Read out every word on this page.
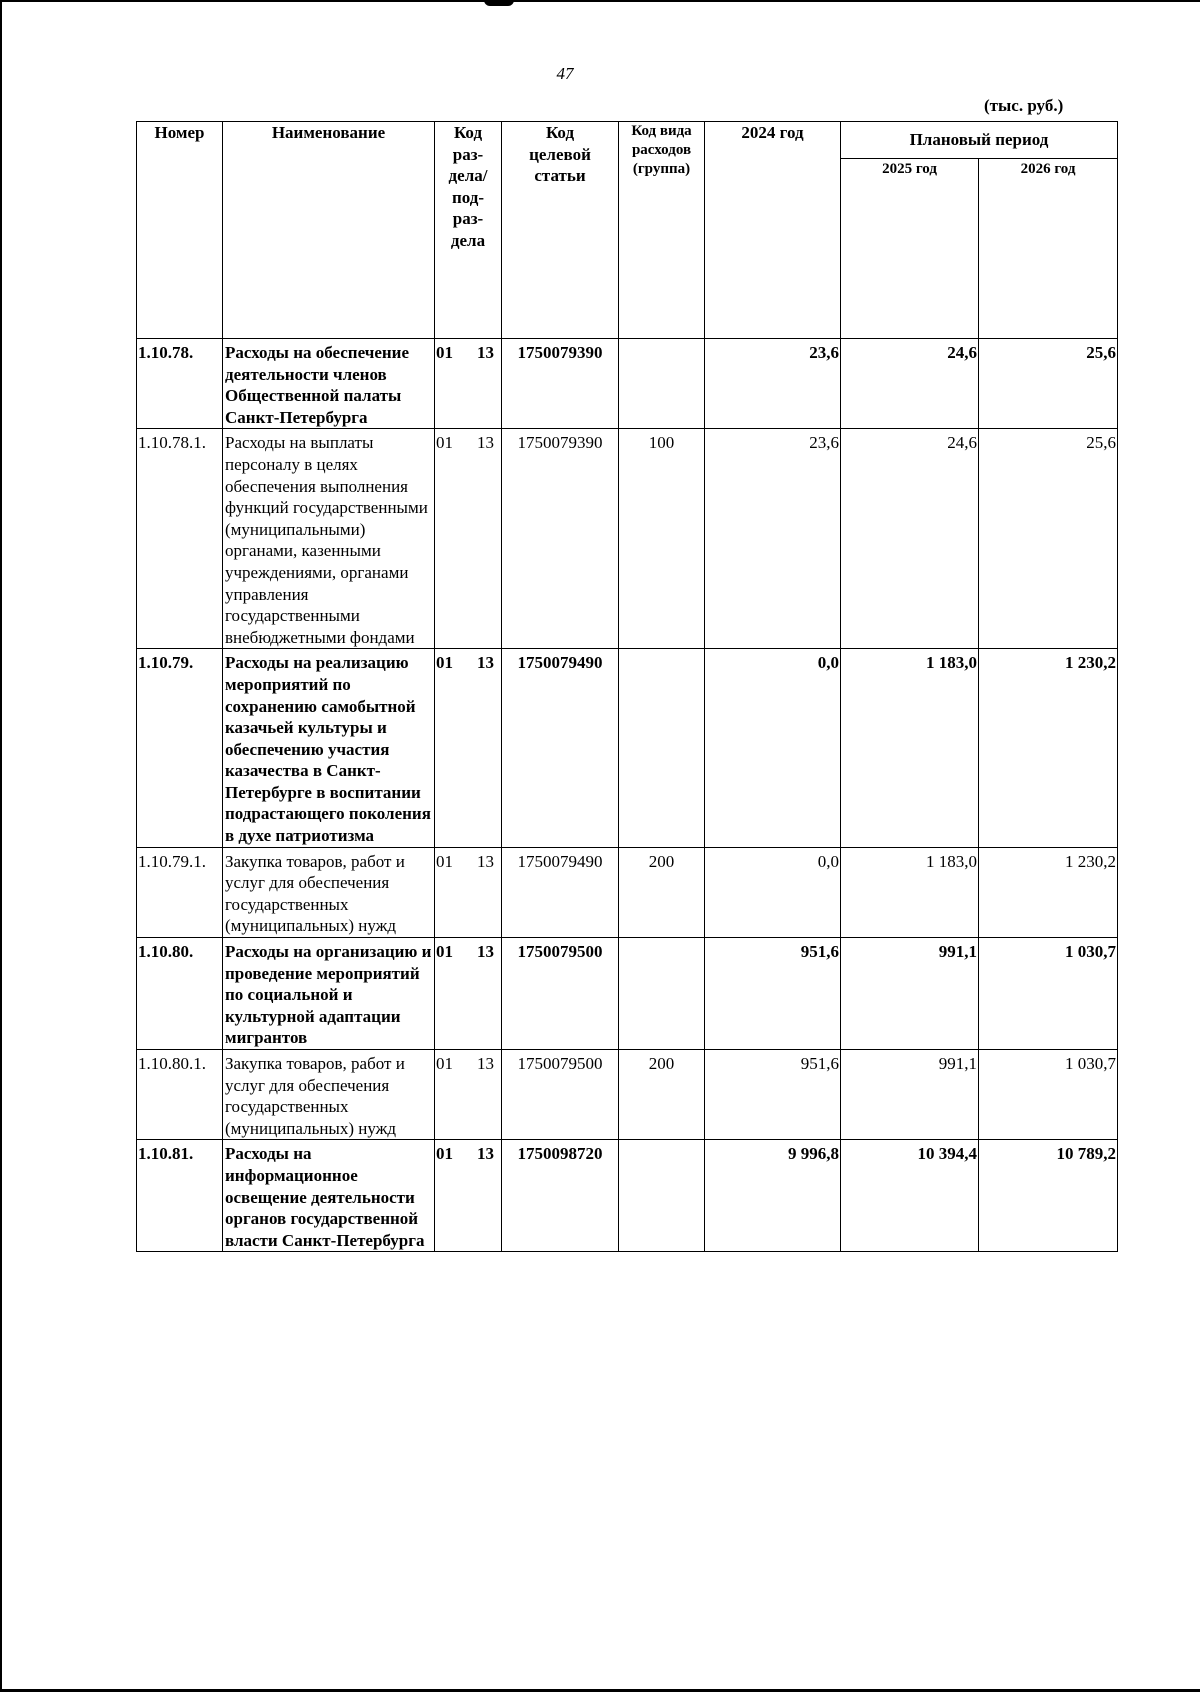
47
(тыс. руб.)
Номер	Наименование	Код раз-дела/ под-раз-дела	Код целевой статьи	Код вида расходов (группа)	2024 год	Плановый период	
						2025 год	2026 год
1.10.78.	Расходы на обеспечение деятельности членов Общественной палаты Санкт-Петербурга	01 13	1750079390		23,6	24,6	25,6
1.10.78.1.	Расходы на выплаты персоналу в целях обеспечения выполнения функций государственными (муниципальными) органами, казенными учреждениями, органами управления государственными внебюджетными фондами	01 13	1750079390	100	23,6	24,6	25,6
1.10.79.	Расходы на реализацию мероприятий по сохранению самобытной казачьей культуры и обеспечению участия казачества в Санкт-Петербурге в воспитании подрастающего поколения в духе патриотизма	01 13	1750079490		0,0	1 183,0	1 230,2
1.10.79.1.	Закупка товаров, работ и услуг для обеспечения государственных (муниципальных) нужд	01 13	1750079490	200	0,0	1 183,0	1 230,2
1.10.80.	Расходы на организацию и проведение мероприятий по социальной и культурной адаптации мигрантов	01 13	1750079500		951,6	991,1	1 030,7
1.10.80.1.	Закупка товаров, работ и услуг для обеспечения государственных (муниципальных) нужд	01 13	1750079500	200	951,6	991,1	1 030,7
1.10.81.	Расходы на информационное освещение деятельности органов государственной власти Санкт-Петербурга	01 13	1750098720		9 996,8	10 394,4	10 789,2
